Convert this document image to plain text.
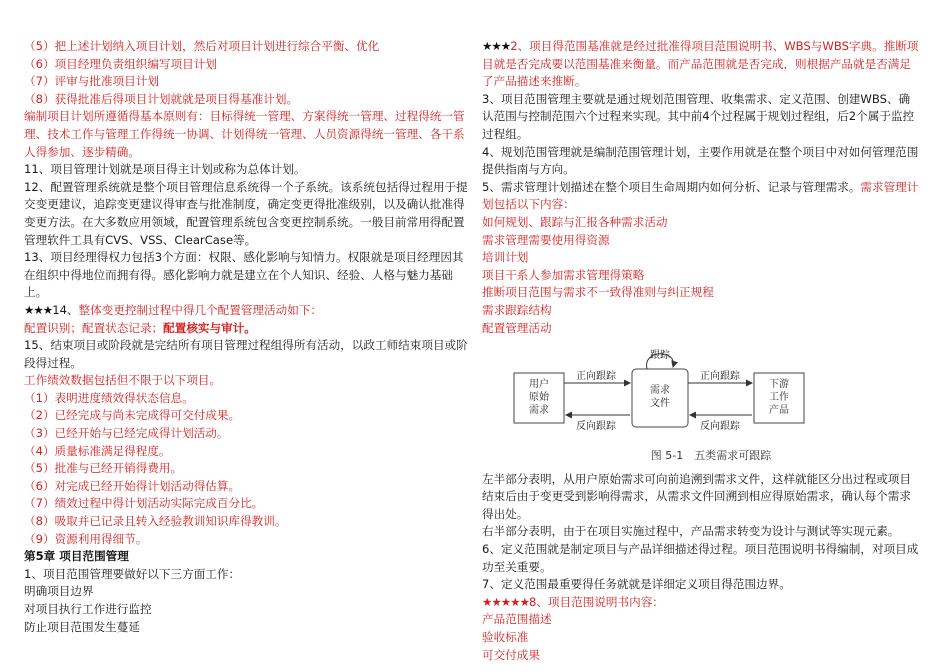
（5）把上述计划纳入项目计划，然后对项目计划进行综合平衡、优化

（6）项目经理负责组织编写项目计划

（7）评审与批准项目计划

（8）获得批准后得项目计划就就是项目得基准计划。

编制项目计划所遵循得基本原则有：目标得统一管理、方案得统一管理、过程得统一管理、技术工作与管理工作得统一协调、计划得统一管理、人员资源得统一管理、各干系人得参加、逐步精确。

11、项目管理计划就是项目得主计划或称为总体计划。

12、配置管理系统就是整个项目管理信息系统得一个子系统。该系统包括得过程用于提交变更建议，追踪变更建议得审查与批准制度，确定变更得批准级别，以及确认批准得变更方法。在大多数应用领域，配置管理系统包含变更控制系统。一般目前常用得配置管理软件工具有CVS、VSS、ClearCase等。

13、项目经理得权力包括3个方面：权限、感化影响与知情力。权限就是项目经理因其在组织中得地位而拥有得。感化影响力就是建立在个人知识、经验、人格与魅力基础上。

★★★14、整体变更控制过程中得几个配置管理活动如下：

配置识别；配置状态记录；配置核实与审计。

15、结束项目或阶段就是完结所有项目管理过程组得所有活动，以政工师结束项目或阶段得过程。

工作绩效数据包括但不限于以下项目。

（1）表明进度绩效得状态信息。

（2）已经完成与尚未完成得可交付成果。

（3）已经开始与已经完成得计划活动。

（4）质量标准满足得程度。

（5）批准与已经开销得费用。

（6）对完成已经开始得计划活动得估算。

（7）绩效过程中得计划活动实际完成百分比。

（8）吸取并已记录且转入经验教训知识库得教训。

（9）资源利用得细节。

第5章 项目范围管理

1、项目范围管理要做好以下三方面工作：

明确项目边界

对项目执行工作进行监控

防止项目范围发生蔓延

★★★2、项目得范围基准就是经过批准得项目范围说明书、WBS与WBS字典。推断项目就是否完成要以范围基准来衡量。而产品范围就是否完成，则根据产品就是否满足了产品描述来推断。

3、项目范围管理主要就是通过规划范围管理、收集需求、定义范围、创建WBS、确认范围与控制范围六个过程来实现。其中前4个过程属于规划过程组，后2个属于监控过程组。

4、规划范围管理就是编制范围管理计划，主要作用就是在整个项目中对如何管理范围提供指南与方向。

5、需求管理计划描述在整个项目生命周期内如何分析、记录与管理需求。需求管理计划包括以下内容：

如何规划、跟踪与汇报各种需求活动

需求管理需要使用得资源

培训计划

项目干系人参加需求管理得策略

推断项目范围与需求不一致得准则与纠正规程

需求跟踪结构

配置管理活动

用户
原始
需求
需求
文件
下游
工作
产品
正向跟踪
反向跟踪
正向跟踪
反向跟踪
跟踪
图 5-1　五类需求可跟踪

左半部分表明，从用户原始需求可向前追溯到需求文件，这样就能区分出过程或项目结束后由于变更受到影响得需求，从需求文件回溯到相应得原始需求，确认每个需求得出处。

右半部分表明，由于在项目实施过程中，产品需求转变为设计与测试等实现元素。

6、定义范围就是制定项目与产品详细描述得过程。项目范围说明书得编制，对项目成功至关重要。

7、定义范围最重要得任务就就是详细定义项目得范围边界。

★★★★★8、项目范围说明书内容：

产品范围描述

验收标准

可交付成果
